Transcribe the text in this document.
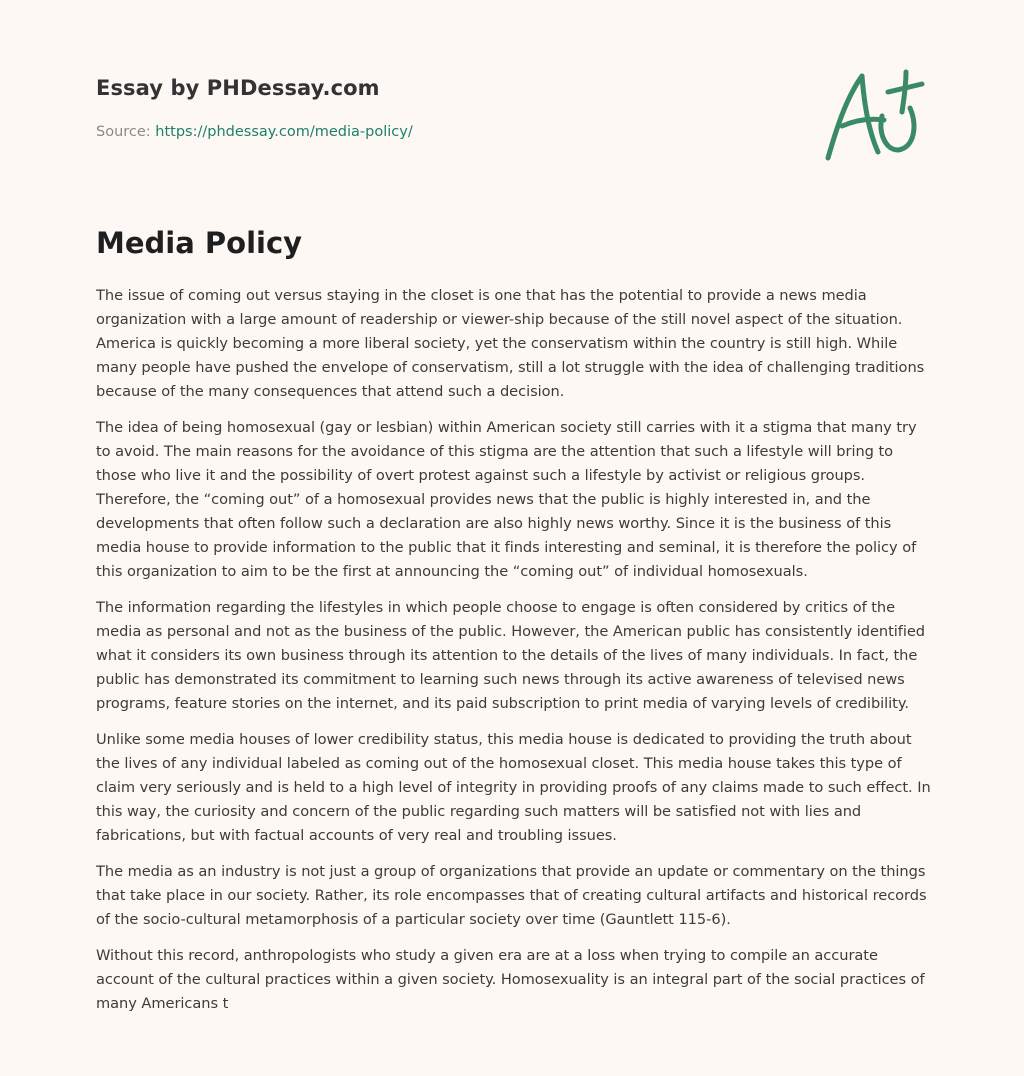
Essay by PHDessay.com
Source: https://phdessay.com/media-policy/
Media Policy

The issue of coming out versus staying in the closet is one that has the potential to provide a news media organization with a large amount of readership or viewer-ship because of the still novel aspect of the situation. America is quickly becoming a more liberal society, yet the conservatism within the country is still high. While many people have pushed the envelope of conservatism, still a lot struggle with the idea of challenging traditions because of the many consequences that attend such a decision.

The idea of being homosexual (gay or lesbian) within American society still carries with it a stigma that many try to avoid. The main reasons for the avoidance of this stigma are the attention that such a lifestyle will bring to those who live it and the possibility of overt protest against such a lifestyle by activist or religious groups. Therefore, the “coming out” of a homosexual provides news that the public is highly interested in, and the developments that often follow such a declaration are also highly news worthy. Since it is the business of this media house to provide information to the public that it finds interesting and seminal, it is therefore the policy of this organization to aim to be the first at announcing the “coming out” of individual homosexuals.

The information regarding the lifestyles in which people choose to engage is often considered by critics of the media as personal and not as the business of the public. However, the American public has consistently identified what it considers its own business through its attention to the details of the lives of many individuals. In fact, the public has demonstrated its commitment to learning such news through its active awareness of televised news programs, feature stories on the internet, and its paid subscription to print media of varying levels of credibility.

Unlike some media houses of lower credibility status, this media house is dedicated to providing the truth about the lives of any individual labeled as coming out of the homosexual closet. This media house takes this type of claim very seriously and is held to a high level of integrity in providing proofs of any claims made to such effect. In this way, the curiosity and concern of the public regarding such matters will be satisfied not with lies and fabrications, but with factual accounts of very real and troubling issues.

The media as an industry is not just a group of organizations that provide an update or commentary on the things that take place in our society. Rather, its role encompasses that of creating cultural artifacts and historical records of the socio-cultural metamorphosis of a particular society over time (Gauntlett 115-6).

Without this record, anthropologists who study a given era are at a loss when trying to compile an accurate account of the cultural practices within a given society. Homosexuality is an integral part of the social practices of many Americans t
